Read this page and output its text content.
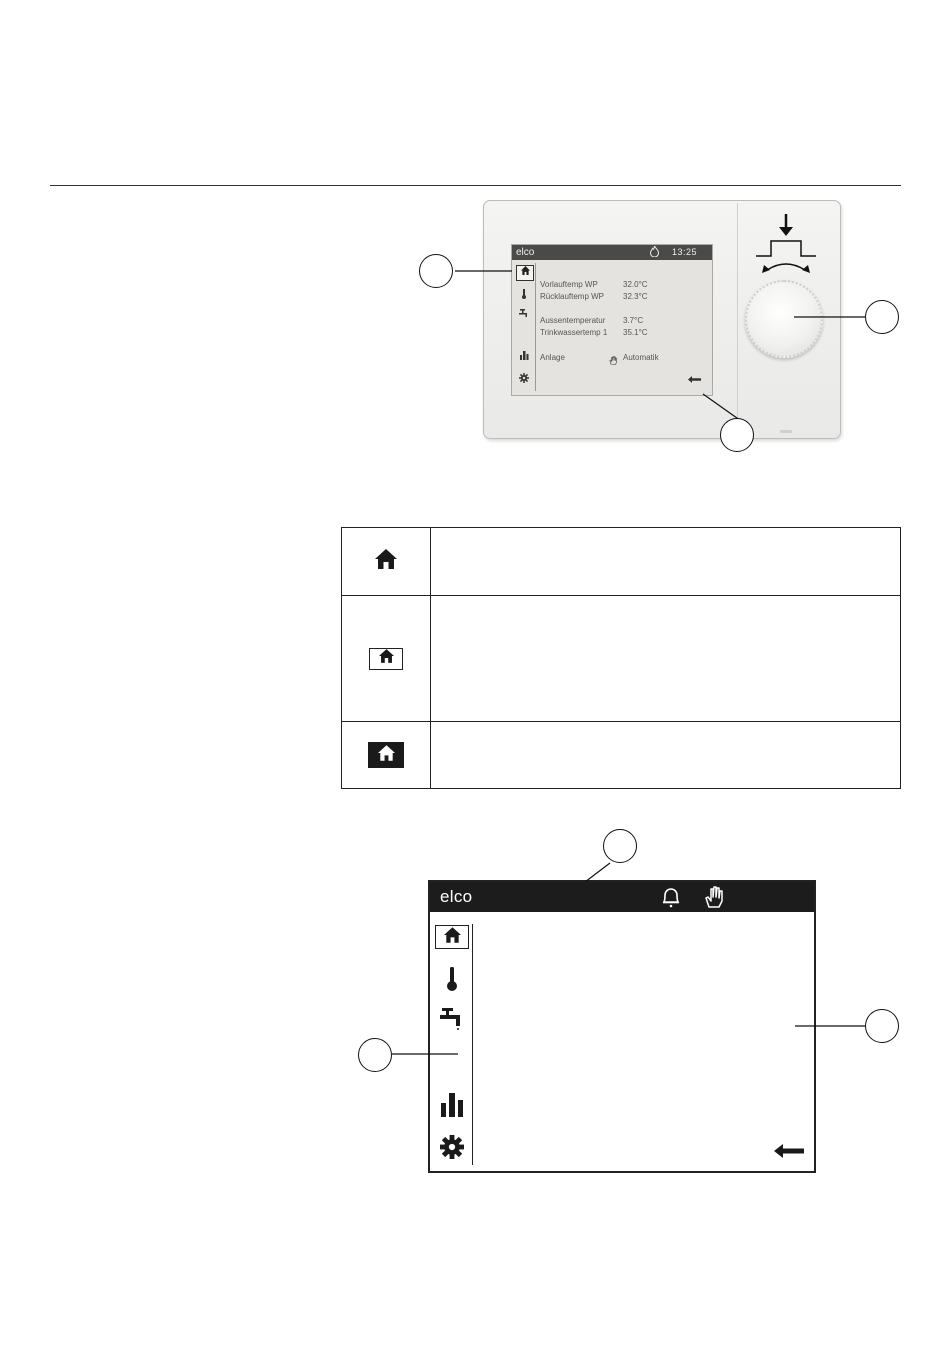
elco	13:25
Vorlauftemp WP	32.0°C
Rücklauftemp WP 32.3°C
Aussentemperatur 3.7°C
Trinkwassertemp 1 35.1°C
Anlage	Automatik
elco
